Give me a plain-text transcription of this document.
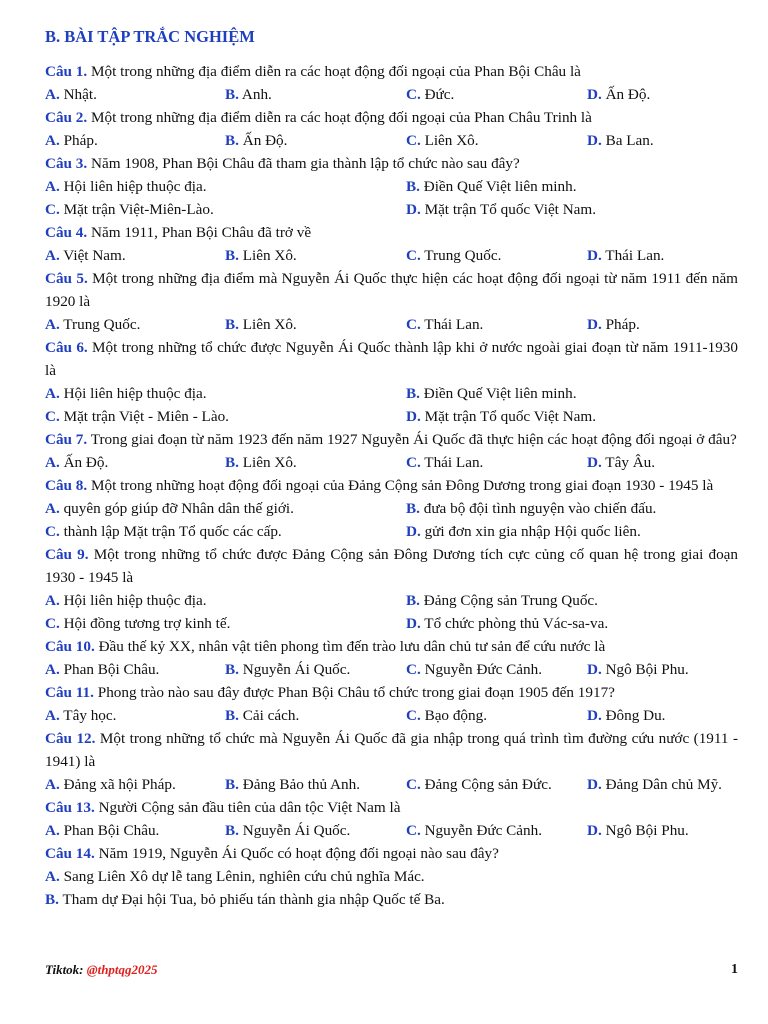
B. BÀI TẬP TRẮC NGHIỆM
Câu 1. Một trong những địa điểm diễn ra các hoạt động đối ngoại của Phan Bội Châu là
A. Nhật.	B. Anh.	C. Đức.	D. Ấn Độ.
Câu 2. Một trong những địa điểm diễn ra các hoạt động đối ngoại của Phan Châu Trinh là
A. Pháp.	B. Ấn Độ.	C. Liên Xô.	D. Ba Lan.
Câu 3. Năm 1908, Phan Bội Châu đã tham gia thành lập tổ chức nào sau đây?
A. Hội liên hiệp thuộc địa.	B. Điền Quế Việt liên minh.
C. Mặt trận Việt-Miên-Lào.	D. Mặt trận Tổ quốc Việt Nam.
Câu 4. Năm 1911, Phan Bội Châu đã trở về
A. Việt Nam.	B. Liên Xô.	C. Trung Quốc.	D. Thái Lan.
Câu 5. Một trong những địa điểm mà Nguyễn Ái Quốc thực hiện các hoạt động đối ngoại từ năm 1911 đến năm 1920 là
A. Trung Quốc.	B. Liên Xô.	C. Thái Lan.	D. Pháp.
Câu 6. Một trong những tổ chức được Nguyễn Ái Quốc thành lập khi ở nước ngoài giai đoạn từ năm 1911-1930 là
A. Hội liên hiệp thuộc địa.	B. Điền Quế Việt liên minh.
C. Mặt trận Việt - Miên - Lào.	D. Mặt trận Tổ quốc Việt Nam.
Câu 7. Trong giai đoạn từ năm 1923 đến năm 1927 Nguyễn Ái Quốc đã thực hiện các hoạt động đối ngoại ở đâu?
A. Ấn Độ.	B. Liên Xô.	C. Thái Lan.	D. Tây Âu.
Câu 8. Một trong những hoạt động đối ngoại của Đảng Cộng sản Đông Dương trong giai đoạn 1930 - 1945 là
A. quyên góp giúp đỡ Nhân dân thế giới.	B. đưa bộ đội tình nguyện vào chiến đấu.
C. thành lập Mặt trận Tổ quốc các cấp.	D. gửi đơn xin gia nhập Hội quốc liên.
Câu 9. Một trong những tổ chức được Đảng Cộng sản Đông Dương tích cực củng cố quan hệ trong giai đoạn 1930 - 1945 là
A. Hội liên hiệp thuộc địa.	B. Đảng Cộng sản Trung Quốc.
C. Hội đồng tương trợ kinh tế.	D. Tổ chức phòng thủ Vác-sa-va.
Câu 10. Đầu thế kỷ XX, nhân vật tiên phong tìm đến trào lưu dân chủ tư sản để cứu nước là
A. Phan Bội Châu.	B. Nguyễn Ái Quốc.	C. Nguyễn Đức Cảnh.	D. Ngô Bội Phu.
Câu 11. Phong trào nào sau đây được Phan Bội Châu tổ chức trong giai đoạn 1905 đến 1917?
A. Tây học.	B. Cải cách.	C. Bạo động.	D. Đông Du.
Câu 12. Một trong những tổ chức mà Nguyễn Ái Quốc đã gia nhập trong quá trình tìm đường cứu nước (1911 - 1941) là
A. Đảng xã hội Pháp.	B. Đảng Bảo thủ Anh.	C. Đảng Cộng sản Đức.	D. Đảng Dân chủ Mỹ.
Câu 13. Người Cộng sản đầu tiên của dân tộc Việt Nam là
A. Phan Bội Châu.	B. Nguyễn Ái Quốc.	C. Nguyễn Đức Cảnh.	D. Ngô Bội Phu.
Câu 14. Năm 1919, Nguyễn Ái Quốc có hoạt động đối ngoại nào sau đây?
A. Sang Liên Xô dự lễ tang Lênin, nghiên cứu chủ nghĩa Mác.
B. Tham dự Đại hội Tua, bỏ phiếu tán thành gia nhập Quốc tế Ba.
Tiktok: @thptqg2025	1
